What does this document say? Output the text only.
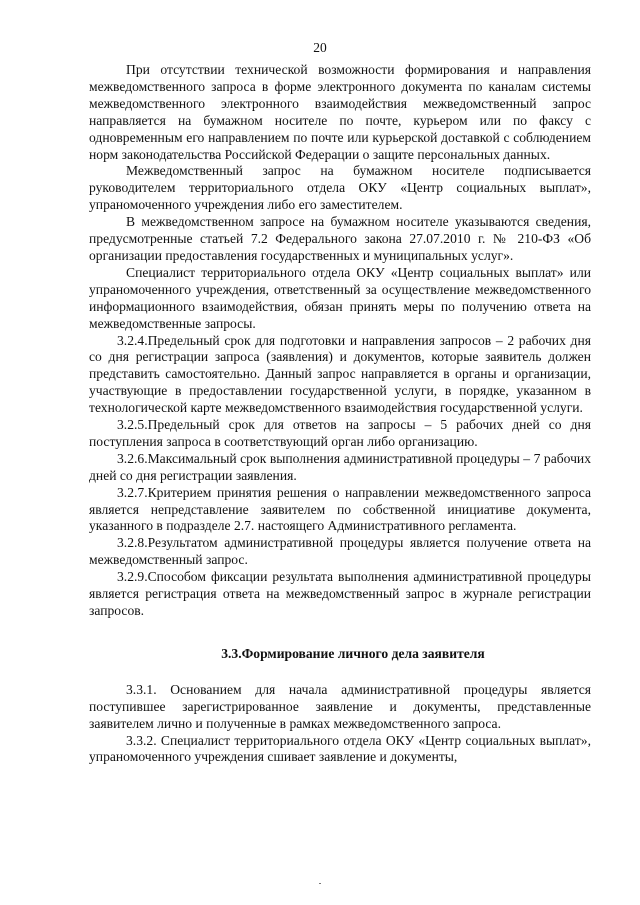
20

При отсутствии технической возможности формирования и направления межведомственного запроса в форме электронного документа по каналам системы межведомственного электронного взаимодействия межведомственный запрос направляется на бумажном носителе по почте, курьером или по факсу с одновременным его направлением по почте или курьерской доставкой с соблюдением норм законодательства Российской Федерации о защите персональных данных.

Межведомственный запрос на бумажном носителе подписывается руководителем территориального отдела ОКУ «Центр социальных выплат», упраномоченного учреждения либо его заместителем.

В межведомственном запросе на бумажном носителе указываются сведения, предусмотренные статьей 7.2 Федерального закона 27.07.2010 г. № 210-ФЗ «Об организации предоставления государственных и муниципальных услуг».

Специалист территориального отдела ОКУ «Центр социальных выплат» или упраномоченного учреждения, ответственный за осуществление межведомственного информационного взаимодействия, обязан принять меры по получению ответа на межведомственные запросы.

3.2.4.Предельный срок для подготовки и направления запросов – 2 рабочих дня со дня регистрации запроса (заявления) и документов, которые заявитель должен представить самостоятельно. Данный запрос направляется в органы и организации, участвующие в предоставлении государственной услуги, в порядке, указанном в технологической карте межведомственного взаимодействия государственной услуги.

3.2.5.Предельный срок для ответов на запросы – 5 рабочих дней со дня поступления запроса в соответствующий орган либо организацию.

3.2.6.Максимальный срок выполнения административной процедуры – 7 рабочих дней со дня регистрации заявления.

3.2.7.Критерием принятия решения о направлении межведомственного запроса является непредставление заявителем по собственной инициативе документа, указанного в подразделе 2.7. настоящего Административного регламента.

3.2.8.Результатом административной процедуры является получение ответа на межведомственный запрос.

3.2.9.Способом фиксации результата выполнения административной процедуры является регистрация ответа на межведомственный запрос в журнале регистрации запросов.

3.3.Формирование личного дела заявителя

3.3.1. Основанием для начала административной процедуры является поступившее зарегистрированное заявление и документы, представленные заявителем лично и полученные в рамках межведомственного запроса.

3.3.2. Специалист территориального отдела ОКУ «Центр социальных выплат», упраномоченного учреждения сшивает заявление и документы,
